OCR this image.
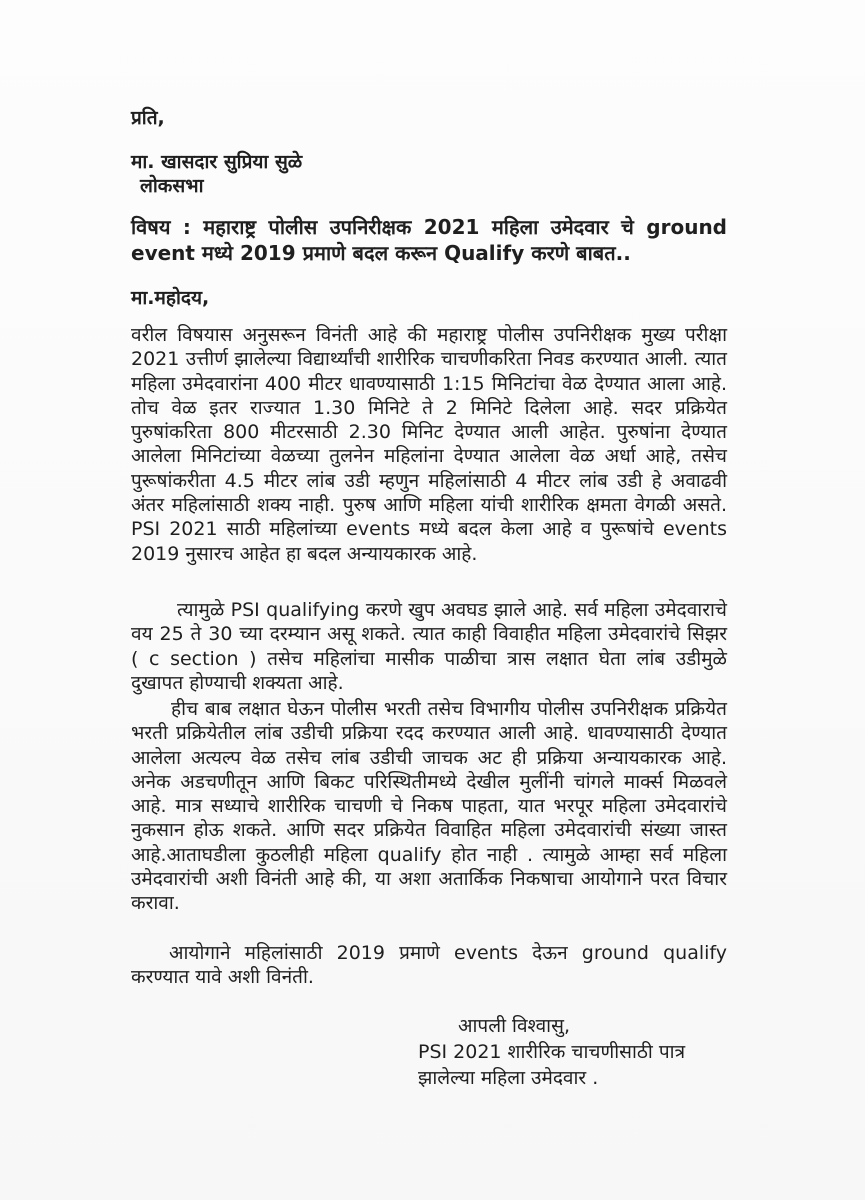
प्रति,
मा. खासदार सुप्रिया सुळे
लोकसभा
विषय : महाराष्ट्र पोलीस उपनिरीक्षक 2021 महिला उमेदवार चे ground event मध्ये 2019 प्रमाणे बदल करून Qualify करणे बाबत..
मा.महोदय,
वरील विषयास अनुसरून विनंती आहे की महाराष्ट्र पोलीस उपनिरीक्षक मुख्य परीक्षा 2021 उत्तीर्ण झालेल्या विद्यार्थ्यांची शारीरिक चाचणीकरिता निवड करण्यात आली. त्यात महिला उमेदवारांना 400 मीटर धावण्यासाठी 1:15 मिनिटांचा वेळ देण्यात आला आहे. तोच वेळ इतर राज्यात 1.30 मिनिटे ते 2 मिनिटे दिलेला आहे. सदर प्रक्रियेत पुरुषांकरिता 800 मीटरसाठी 2.30 मिनिट देण्यात आली आहेत. पुरुषांना देण्यात आलेला मिनिटांच्या वेळच्या तुलनेन महिलांना देण्यात आलेला वेळ अर्धा आहे, तसेच पुरूषांकरीता 4.5 मीटर लांब उडी म्हणुन महिलांसाठी 4 मीटर लांब उडी हे अवाढवी अंतर महिलांसाठी शक्य नाही. पुरुष आणि महिला यांची शारीरिक क्षमता वेगळी असते. PSI 2021 साठी महिलांच्या events मध्ये बदल केला आहे व पुरूषांचे events 2019 नुसारच आहेत हा बदल अन्यायकारक आहे.
त्यामुळे PSI qualifying करणे खुप अवघड झाले आहे. सर्व महिला उमेदवाराचे वय 25 ते 30 च्या दरम्यान असू शकते. त्यात काही विवाहीत महिला उमेदवारांचे सिझर ( c section ) तसेच महिलांचा मासीक पाळीचा त्रास लक्षात घेता लांब उडीमुळे दुखापत होण्याची शक्यता आहे.
हीच बाब लक्षात घेऊन पोलीस भरती तसेच विभागीय पोलीस उपनिरीक्षक प्रक्रियेत भरती प्रक्रियेतील लांब उडीची प्रक्रिया रदद करण्यात आली आहे. धावण्यासाठी देण्यात आलेला अत्यल्प वेळ तसेच लांब उडीची जाचक अट ही प्रक्रिया अन्यायकारक आहे. अनेक अडचणीतून आणि बिकट परिस्थितीमध्ये देखील मुलींनी चांगले मार्क्स मिळवले आहे. मात्र सध्याचे शारीरिक चाचणी चे निकष पाहता, यात भरपूर महिला उमेदवारांचे नुकसान होऊ शकते. आणि सदर प्रक्रियेत विवाहित महिला उमेदवारांची संख्या जास्त आहे.आताघडीला कुठलीही महिला qualify होत नाही . त्यामुळे आम्हा सर्व महिला उमेदवारांची अशी विनंती आहे की, या अशा अतार्किक निकषाचा आयोगाने परत विचार करावा.
आयोगाने महिलांसाठी 2019 प्रमाणे events देऊन ground qualify करण्यात यावे अशी विनंती.
आपली विश्वासु,
PSI 2021 शारीरिक चाचणीसाठी पात्र
झालेल्या महिला उमेदवार .
